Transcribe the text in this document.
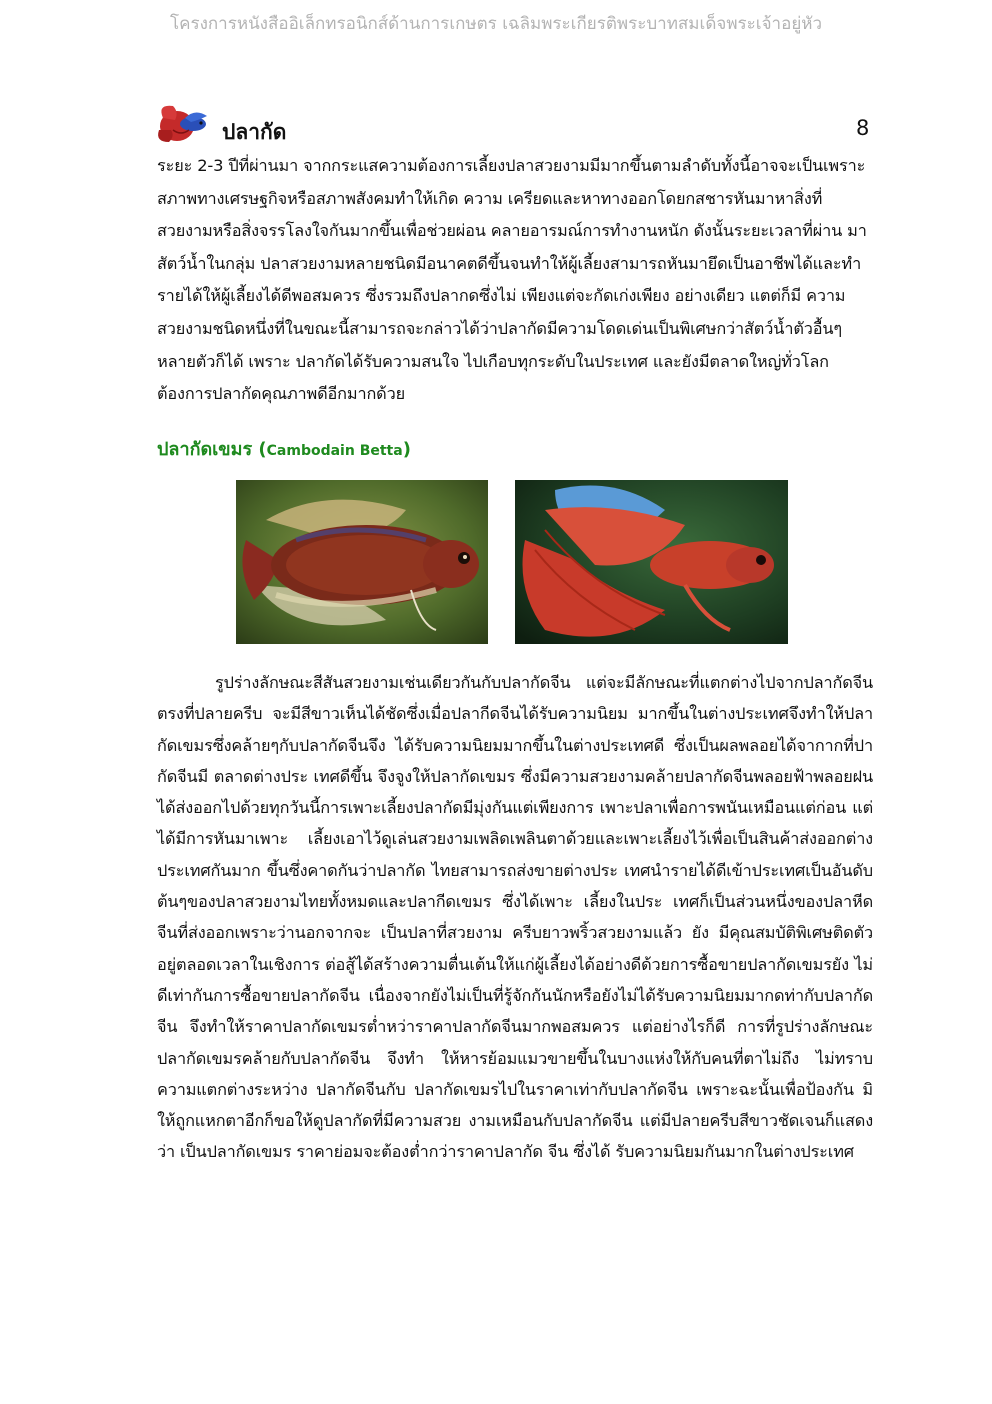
โครงการหนังสืออิเล็กทรอนิกส์ด้านการเกษตร เฉลิมพระเกียรติพระบาทสมเด็จพระเจ้าอยู่หัว
ปลากัด	8

ระยะ 2-3 ปีที่ผ่านมา จากกระแสความต้องการเลี้ยงปลาสวยงามมีมากขึ้นตามลำดับทั้งนี้อาจจะเป็นเพราะสภาพทางเศรษฐกิจหรือสภาพสังคมทำให้เกิด ความ เครียดและหาทางออกโดยกสชารหันมาหาสิ่งที่สวยงามหรือสิ่งจรรโลงใจกันมากขึ้นเพื่อช่วยผ่อน คลายอารมณ์การทำงานหนัก ดังนั้นระยะเวลาที่ผ่าน มาสัตว์น้ำในกลุ่ม ปลาสวยงามหลายชนิดมีอนาคตดีขึ้นจนทำให้ผู้เลี้ยงสามารถหันมายึดเป็นอาชีพได้และทำรายได้ให้ผู้เลี้ยงได้ดีพอสมควร ซึ่งรวมถึงปลากดซึ่งไม่ เพียงแต่จะกัดเก่งเพียง อย่างเดียว แตต่ก็มี ความสวยงามชนิดหนึ่งที่ในขณะนี้สามารถจะกล่าวได้ว่าปลากัดมีความโดดเด่นเป็นพิเศษกว่าสัตว์น้ำตัวอื้นๆหลายตัวก็ได้ เพราะ ปลากัดได้รับความสนใจ ไปเกือบทุกระดับในประเทศ และยังมีตลาดใหญ่ทั่วโลกต้องการปลากัดคุณภาพดีอีกมากด้วย

ปลากัดเขมร (Cambodain Betta)

รูปร่างลักษณะสีสันสวยงามเช่นเดียวกันกับปลากัดจีน แต่จะมีลักษณะที่แตกต่างไปจากปลากัดจีนตรงที่ปลายครีบ จะมีสีขาวเห็นได้ชัดซึ่งเมื่อปลากีดจีนได้รับความนิยม มากขึ้นในต่างประเทศจึงทำให้ปลากัดเขมรซึ่งคล้ายๆกับปลากัดจีนจึง ได้รับความนิยมมากขึ้นในต่างประเทศดี ซึ่งเป็นผลพลอยได้จากากที่ปากัดจีนมี ตลาดต่างประ เทศดีขึ้น จึงจูงให้ปลากัดเขมร ซึ่งมีความสวยงามคล้ายปลากัดจีนพลอยฟ้าพลอยฝนได้ส่งออกไปด้วยทุกวันนี้การเพาะเลี้ยงปลากัดมีมุ่งกันแต่เพียงการ เพาะปลาเพื่อการพนันเหมือนแต่ก่อน แต่ได้มีการหันมาเพาะ เลี้ยงเอาไว้ดูเล่นสวยงามเพลิดเพลินตาด้วยและเพาะเลี้ยงไว้เพื่อเป็นสินค้าส่งออกต่างประเทศกันมาก ขึ้นซึ่งคาดกันว่าปลากัด ไทยสามารถส่งขายต่างประ เทศนำรายได้ดีเข้าประเทศเป็นอันดับต้นๆของปลาสวยงามไทยทั้งหมดและปลากีดเขมร ซึ่งได้เพาะ เลี้ยงในประ เทศก็เป็นส่วนหนึ่งของปลาหีดจีนที่ส่งออกเพราะว่านอกจากจะ เป็นปลาที่สวยงาม ครีบยาวพริ้วสวยงามแล้ว ยัง มีคุณสมบัติพิเศษติดตัวอยู่ตลอดเวลาในเชิงการ ต่อสู้ได้สร้างความตื่นเต้นให้แก่ผู้เลี้ยงได้อย่างดีด้วยการซื้อขายปลากัดเขมรยัง ไม่ดีเท่ากันการซื้อขายปลากัดจีน เนื่องจากยังไม่เป็นที่รู้จักกันนักหรือยังไม่ได้รับความนิยมมากดท่ากับปลากัดจีน จึงทำให้ราคาปลากัดเขมรต่ำหว่าราคาปลากัดจีนมากพอสมควร แต่อย่างไรก็ดี การที่รูปร่างลักษณะ ปลากัดเขมรคล้ายกับปลากัดจีน จึงทำ ให้หารย้อมแมวขายขึ้นในบางแห่งให้กับคนที่ตาไม่ถึง ไม่ทราบความแตกต่างระหว่าง ปลากัดจีนกับ ปลากัดเขมรไปในราคาเท่ากับปลากัดจีน เพราะฉะนั้นเพื่อป้องกัน มิให้ถูกแหกตาอีกก็ขอให้ดูปลากัดที่มีความสวย งามเหมือนกับปลากัดจีน แต่มีปลายครีบสีขาวชัดเจนก็แสดงว่า เป็นปลากัดเขมร ราคาย่อมจะต้องต่ำกว่าราคาปลากัด จีน ซึ่งได้ รับความนิยมกันมากในต่างประเทศ
